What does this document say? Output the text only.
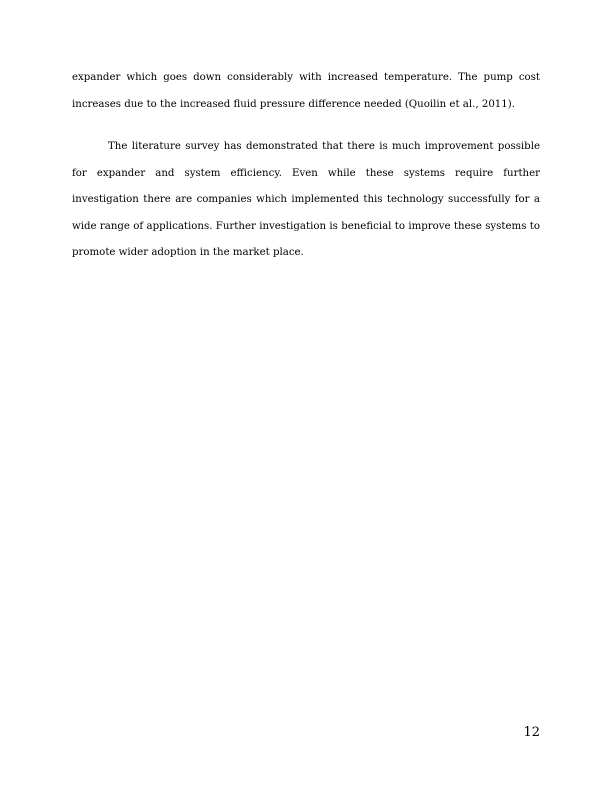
expander which goes down considerably with increased temperature. The pump cost increases due to the increased fluid pressure difference needed (Quoilin et al., 2011).

The literature survey has demonstrated that there is much improvement possible for expander and system efficiency. Even while these systems require further investigation there are companies which implemented this technology successfully for a wide range of applications. Further investigation is beneficial to improve these systems to promote wider adoption in the market place.

12
